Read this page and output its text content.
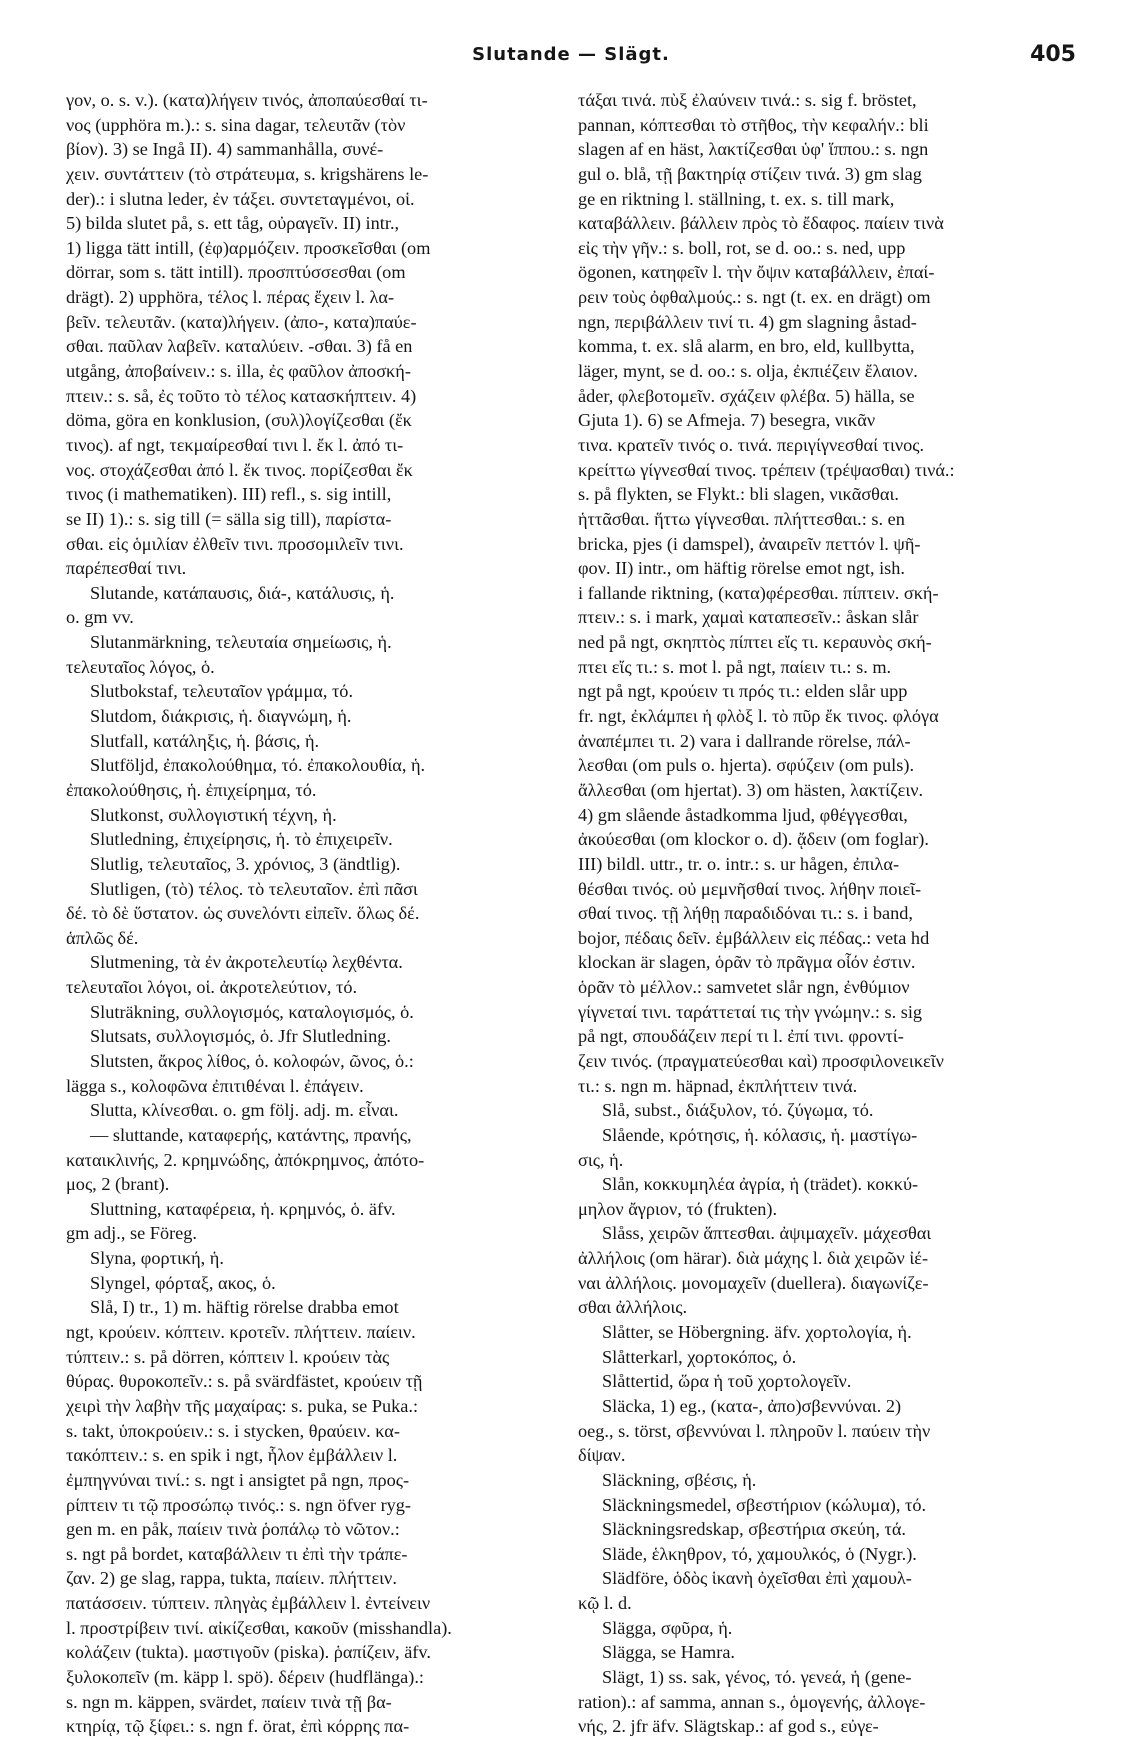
Slutande — Slägt.	405
γον, o. s. v.). (κατα)λήγειν τινός, ἀποπαύεσθαί τι-
νος (upphöra m.).: s. sina dagar, τελευτᾶν (τὸν
βίον). 3) se Ingå II). 4) sammanhålla, συνέ-
χειν. συντάττειν (τὸ στράτευμα, s. krigshärens le-
der).: i slutna leder, ἐν τάξει. συντεταγμένοι, οἱ.
5) bilda slutet på, s. ett tåg, οὐραγεῖν. II) intr.,
1) ligga tätt intill, (ἐφ)αρμόζειν. προσκεῖσθαι (om
dörrar, som s. tätt intill). προσπτύσσεσθαι (om
drägt). 2) upphöra, τέλος l. πέρας ἔχειν l. λα-
βεῖν. τελευτᾶν. (κατα)λήγειν. (ἀπο-, κατα)παύε-
σθαι. παῦλαν λαβεῖν. καταλύειν. -σθαι. 3) få en
utgång, ἀποβαίνειν.: s. illa, ἐς φαῦλον ἀποσκή-
πτειν.: s. så, ἐς τοῦτο τὸ τέλος κατασκήπτειν. 4)
döma, göra en konklusion, (συλ)λογίζεσθαι (ἔκ
τινος). af ngt, τεκμαίρεσθαί τινι l. ἔκ l. ἀπό τι-
νος. στοχάζεσθαι ἀπό l. ἔκ τινος. πορίζεσθαι ἔκ
τινος (i mathematiken). III) refl., s. sig intill,
se II) 1).: s. sig till (= sälla sig till), παρίστα-
σθαι. εἰς ὁμιλίαν ἐλθεῖν τινι. προσομιλεῖν τινι.
παρέπεσθαί τινι.
Slutande, κατάπαυσις, διά-, κατάλυσις, ἡ.
o. gm vv.
Slutanmärkning, τελευταία σημείωσις, ἡ.
τελευταῖος λόγος, ὁ.
Slutbokstaf, τελευταῖον γράμμα, τό.
Slutdom, διάκρισις, ἡ. διαγνώμη, ἡ.
Slutfall, κατάληξις, ἡ. βάσις, ἡ.
Slutföljd, ἐπακολούθημα, τό. ἐπακολουθία, ἡ.
ἐπακολούθησις, ἡ. ἐπιχείρημα, τό.
Slutkonst, συλλογιστική τέχνη, ἡ.
Slutledning, ἐπιχείρησις, ἡ. τὸ ἐπιχειρεῖν.
Slutlig, τελευταῖος, 3. χρόνιος, 3 (ändtlig).
Slutligen, (τὸ) τέλος. τὸ τελευταῖον. ἐπὶ πᾶσι
δέ. τὸ δὲ ὕστατον. ὡς συνελόντι εἰπεῖν. ὅλως δέ.
ἁπλῶς δέ.
Slutmening, τὰ ἐν ἀκροτελευτίῳ λεχθέντα.
τελευταῖοι λόγοι, οἱ. ἀκροτελεύτιον, τό.
Sluträkning, συλλογισμός, καταλογισμός, ὁ.
Slutsats, συλλογισμός, ὁ. Jfr Slutledning.
Slutsten, ἄκρος λίθος, ὁ. κολοφών, ῶνος, ὁ.:
lägga s., κολοφῶνα ἐπιτιθέναι l. ἐπάγειν.
Slutta, κλίνεσθαι. o. gm följ. adj. m. εἶναι.
— sluttande, καταφερής, κατάντης, πρανής,
καταικλινής, 2. κρημνώδης, ἀπόκρημνος, ἀπότο-
μος, 2 (brant).
Sluttning, καταφέρεια, ἡ. κρημνός, ὁ. äfv.
gm adj., se Föreg.
Slyna, φορτική, ἡ.
Slyngel, φόρταξ, ακος, ὁ.
Slå, I) tr., 1) m. häftig rörelse drabba emot
ngt, κρούειν. κόπτειν. κροτεῖν. πλήττειν. παίειν.
τύπτειν.: s. på dörren, κόπτειν l. κρούειν τὰς
θύρας. θυροκοπεῖν.: s. på svärdfästet, κρούειν τῇ
χειρὶ τὴν λαβὴν τῆς μαχαίρας: s. puka, se Puka.:
s. takt, ὑποκρούειν.: s. i stycken, θραύειν. κα-
τακόπτειν.: s. en spik i ngt, ἧλον ἐμβάλλειν l.
ἐμπηγνύναι τινί.: s. ngt i ansigtet på ngn, προς-
ρίπτειν τι τῷ προσώπῳ τινός.: s. ngn öfver ryg-
gen m. en påk, παίειν τινὰ ῥοπάλῳ τὸ νῶτον.:
s. ngt på bordet, καταβάλλειν τι ἐπὶ τὴν τράπε-
ζαν. 2) ge slag, rappa, tukta, παίειν. πλήττειν.
πατάσσειν. τύπτειν. πληγὰς ἐμβάλλειν l. ἐντείνειν
l. προστρίβειν τινί. αἰκίζεσθαι, κακοῦν (misshandla).
κολάζειν (tukta). μαστιγοῦν (piska). ῥαπίζειν, äfv.
ξυλοκοπεῖν (m. käpp l. spö). δέρειν (hudflänga).:
s. ngn m. käppen, svärdet, παίειν τινὰ τῇ βα-
κτηρίᾳ, τῷ ξίφει.: s. ngn f. örat, ἐπὶ κόρρης πα-
τάξαι τινά. πὺξ ἐλαύνειν τινά.: s. sig f. bröstet,
pannan, κόπτεσθαι τὸ στῆθος, τὴν κεφαλήν.: bli
slagen af en häst, λακτίζεσθαι ὑφ' ἵππου.: s. ngn
gul o. blå, τῇ βακτηρίᾳ στίζειν τινά. 3) gm slag
ge en riktning l. ställning, t. ex. s. till mark,
καταβάλλειν. βάλλειν πρὸς τὸ ἔδαφος. παίειν τινὰ
εἰς τὴν γῆν.: s. boll, rot, se d. oo.: s. ned, upp
ögonen, κατηφεῖν l. τὴν ὄψιν καταβάλλειν, ἐπαί-
ρειν τοὺς ὀφθαλμούς.: s. ngt (t. ex. en drägt) om
ngn, περιβάλλειν τινί τι. 4) gm slagning åstad-
komma, t. ex. slå alarm, en bro, eld, kullbytta,
läger, mynt, se d. oo.: s. olja, ἐκπιέζειν ἔλαιον.
åder, φλεβοτομεῖν. σχάζειν φλέβα. 5) hälla, se
Gjuta 1). 6) se Afmeja. 7) besegra, νικᾶν
τινα. κρατεῖν τινός o. τινά. περιγίγνεσθαί τινος.
κρείττω γίγνεσθαί τινος. τρέπειν (τρέψασθαι) τινά.:
s. på flykten, se Flykt.: bli slagen, νικᾶσθαι.
ἡττᾶσθαι. ἥττω γίγνεσθαι. πλήττεσθαι.: s. en
bricka, pjes (i damspel), ἀναιρεῖν πεττόν l. ψῆ-
φον. II) intr., om häftig rörelse emot ngt, ish.
i fallande riktning, (κατα)φέρεσθαι. πίπτειν. σκή-
πτειν.: s. i mark, χαμαὶ καταπεσεῖν.: åskan slår
ned på ngt, σκηπτὸς πίπτει εἴς τι. κεραυνὸς σκή-
πτει εἴς τι.: s. mot l. på ngt, παίειν τι.: s. m.
ngt på ngt, κρούειν τι πρός τι.: elden slår upp
fr. ngt, ἐκλάμπει ἡ φλὸξ l. τὸ πῦρ ἔκ τινος. φλόγα
ἀναπέμπει τι. 2) vara i dallrande rörelse, πάλ-
λεσθαι (om puls o. hjerta). σφύζειν (om puls).
ἄλλεσθαι (om hjertat). 3) om hästen, λακτίζειν.
4) gm slående åstadkomma ljud, φθέγγεσθαι,
ἀκούεσθαι (om klockor o. d). ᾄδειν (om foglar).
III) bildl. uttr., tr. o. intr.: s. ur hågen, ἐπιλα-
θέσθαι τινός. οὐ μεμνῆσθαί τινος. λήθην ποιεῖ-
σθαί τινος. τῇ λήθῃ παραδιδόναι τι.: s. i band,
bojor, πέδαις δεῖν. ἐμβάλλειν εἰς πέδας.: veta hd
klockan är slagen, ὁρᾶν τὸ πρᾶγμα οἷόν ἐστιν.
ὁρᾶν τὸ μέλλον.: samvetet slår ngn, ἐνθύμιον
γίγνεταί τινι. ταράττεταί τις τὴν γνώμην.: s. sig
på ngt, σπουδάζειν περί τι l. ἐπί τινι. φροντί-
ζειν τινός. (πραγματεύεσθαι καὶ) προσφιλονεικεῖν
τι.: s. ngn m. häpnad, ἐκπλήττειν τινά.
Slå, subst., διάξυλον, τό. ζύγωμα, τό.
Slående, κρότησις, ἡ. κόλασις, ἡ. μαστίγω-
σις, ἡ.
Slån, κοκκυμηλέα ἀγρία, ἡ (trädet). κοκκύ-
μηλον ἄγριον, τό (frukten).
Slåss, χειρῶν ἅπτεσθαι. ἀψιμαχεῖν. μάχεσθαι
ἀλλήλοις (om härar). διὰ μάχης l. διὰ χειρῶν ἰέ-
ναι ἀλλήλοις. μονομαχεῖν (duellera). διαγωνίζε-
σθαι ἀλλήλοις.
Slåtter, se Höbergning. äfv. χορτολογία, ἡ.
Slåtterkarl, χορτοκόπος, ὁ.
Slåttertid, ὥρα ἡ τοῦ χορτολογεῖν.
Släcka, 1) eg., (κατα-, ἀπο)σβεννύναι. 2)
oeg., s. törst, σβεννύναι l. πληροῦν l. παύειν τὴν
δίψαν.
Släckning, σβέσις, ἡ.
Släckningsmedel, σβεστήριον (κώλυμα), τό.
Släckningsredskap, σβεστήρια σκεύη, τά.
Släde, ἑλκηθρον, τό, χαμουλκός, ὁ (Nygr.).
Slädföre, ὁδὸς ἱκανὴ ὀχεῖσθαι ἐπὶ χαμουλ-
κῷ l. d.
Slägga, σφῦρα, ἡ.
Slägga, se Hamra.
Slägt, 1) ss. sak, γένος, τό. γενεά, ἡ (gene-
ration).: af samma, annan s., ὁμογενής, ἀλλογε-
νής, 2. jfr äfv. Slägtskap.: af god s., εὐγε-
